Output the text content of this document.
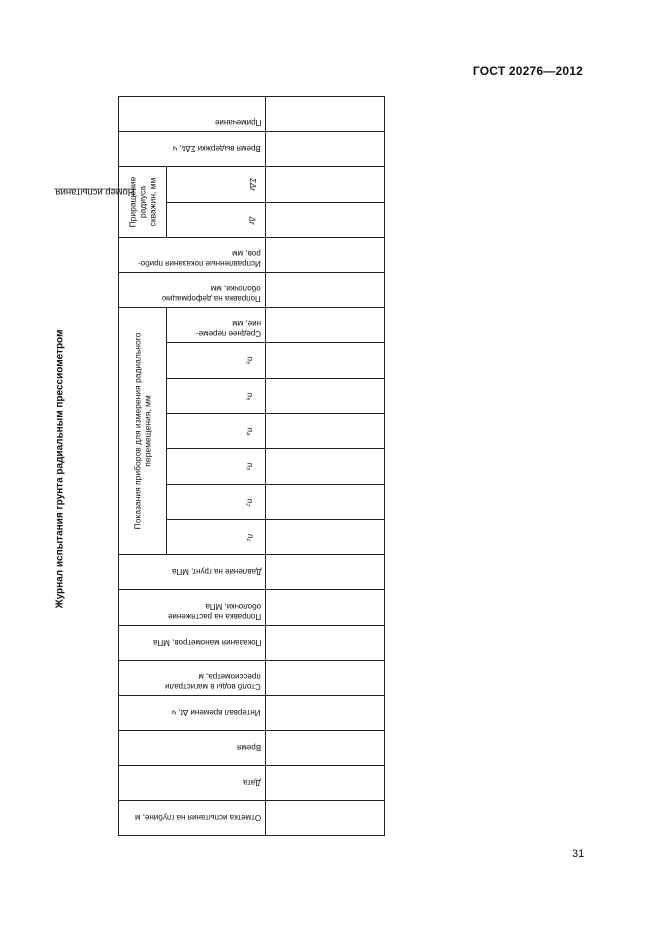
ГОСТ 20276—2012
Журнал испытания грунта радиальным прессиометром
Номер испытания
Примечание
Время выдержки ΣΔtᵢ, ч
Приращение радиуса скважин, мм	ΣΔr
Δr
Исправленные показания прибо-
ров, мм
Поправка на деформацию
оболочки, мм
Показания приборов для измерения радиального перемещения, мм
Среднее переме-
ние, мм
n₆
n₅
n₄
n₃
n₂
n₁
Давление на грунт, МПа
Поправка на растяжение
оболочки, МПа
Показания манометров, МПа
Столб воды в магистрали
прессиометра, м
Интервал времени Δt, ч
Время
Дата
Отметка испытания на глубине, м
31
